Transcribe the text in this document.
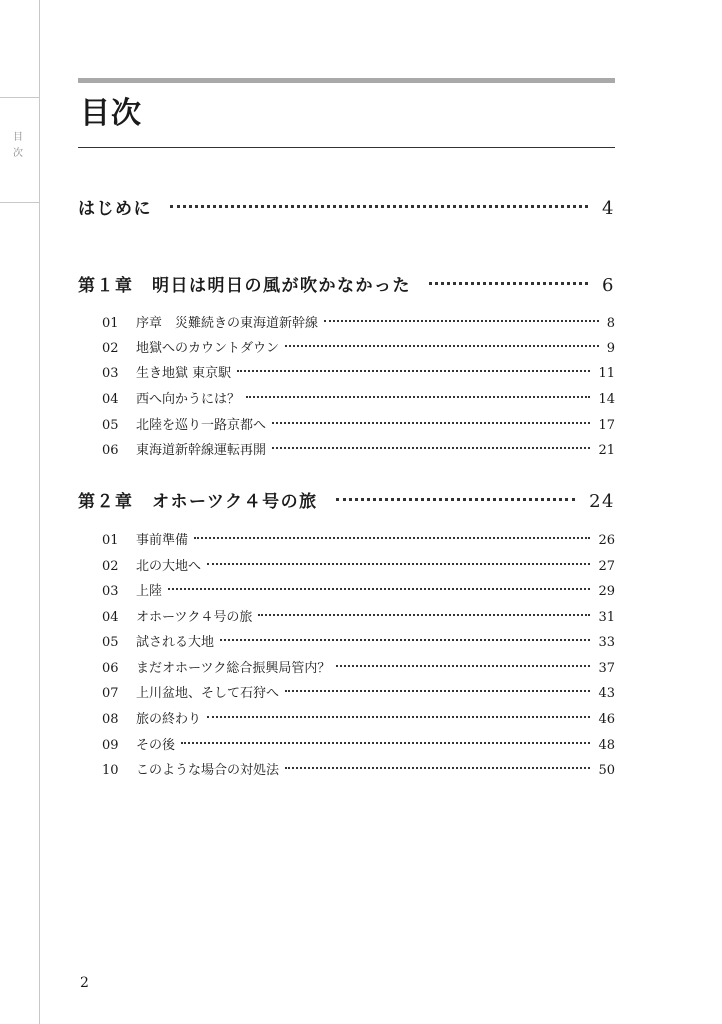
目次
目次
はじめに	4
第１章　明日は明日の風が吹かなかった	6
01	序章　災難続きの東海道新幹線	8
02	地獄へのカウントダウン	9
03	生き地獄 東京駅	11
04	西へ向かうには？	14
05	北陸を巡り一路京都へ	17
06	東海道新幹線運転再開	21
第２章　オホーツク４号の旅	24
01	事前準備	26
02	北の大地へ	27
03	上陸	29
04	オホーツク４号の旅	31
05	試される大地	33
06	まだオホーツク総合振興局管内？	37
07	上川盆地、そして石狩へ	43
08	旅の終わり	46
09	その後	48
10	このような場合の対処法	50
2
